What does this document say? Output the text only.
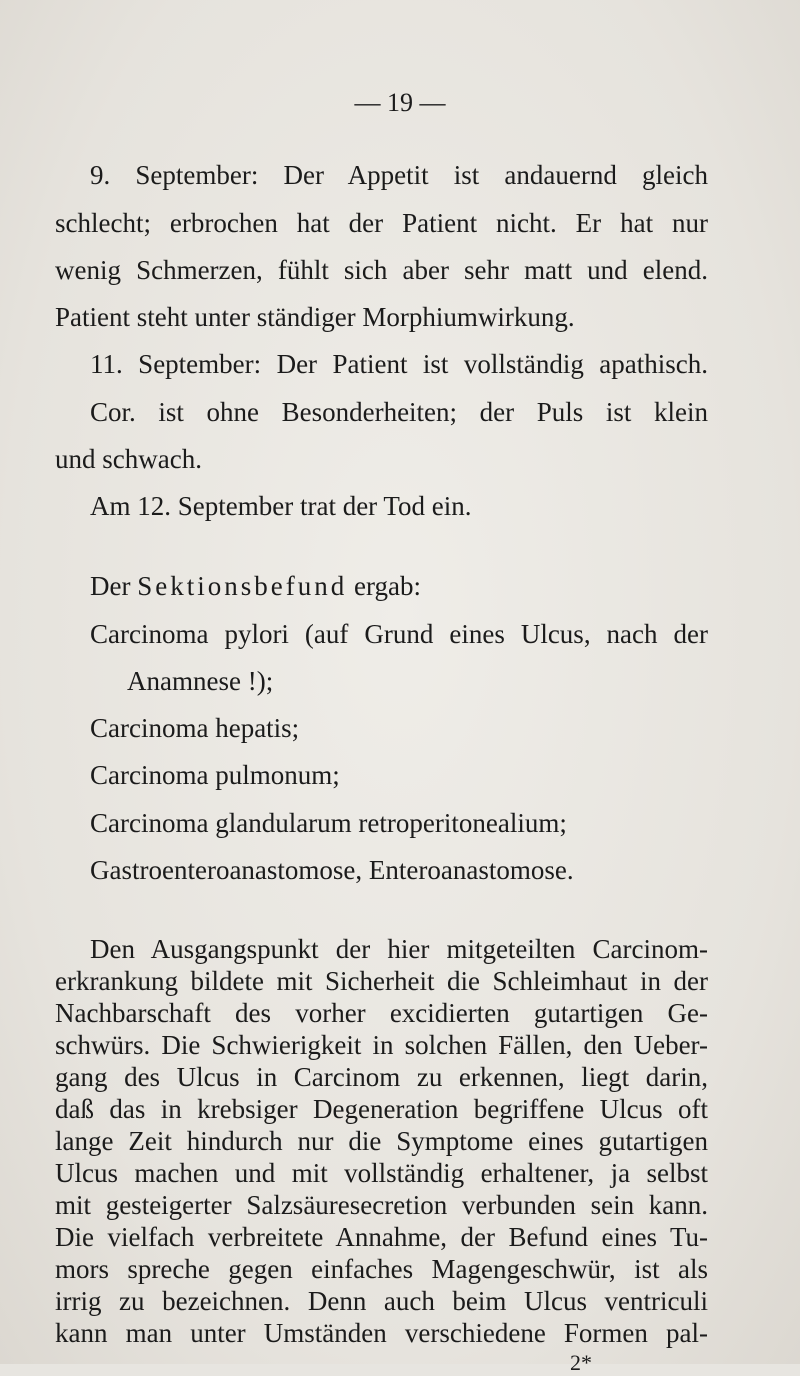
— 19 —
9. September: Der Appetit ist andauernd gleich
schlecht; erbrochen hat der Patient nicht. Er hat nur
wenig Schmerzen, fühlt sich aber sehr matt und elend.
Patient steht unter ständiger Morphiumwirkung.
11. September: Der Patient ist vollständig apathisch.
Cor. ist ohne Besonderheiten; der Puls ist klein
und schwach.
Am 12. September trat der Tod ein.
Der Sektionsbefund ergab:
Carcinoma pylori (auf Grund eines Ulcus, nach der
Anamnese !);
Carcinoma hepatis;
Carcinoma pulmonum;
Carcinoma glandularum retroperitonealium;
Gastroenteroanastomose, Enteroanastomose.
Den Ausgangspunkt der hier mitgeteilten Carcinom-
erkrankung bildete mit Sicherheit die Schleimhaut in der
Nachbarschaft des vorher excidierten gutartigen Ge-
schwürs. Die Schwierigkeit in solchen Fällen, den Ueber-
gang des Ulcus in Carcinom zu erkennen, liegt darin,
daß das in krebsiger Degeneration begriffene Ulcus oft
lange Zeit hindurch nur die Symptome eines gutartigen
Ulcus machen und mit vollständig erhaltener, ja selbst
mit gesteigerter Salzsäuresecretion verbunden sein kann.
Die vielfach verbreitete Annahme, der Befund eines Tu-
mors spreche gegen einfaches Magengeschwür, ist als
irrig zu bezeichnen. Denn auch beim Ulcus ventriculi
kann man unter Umständen verschiedene Formen pal-
2*
